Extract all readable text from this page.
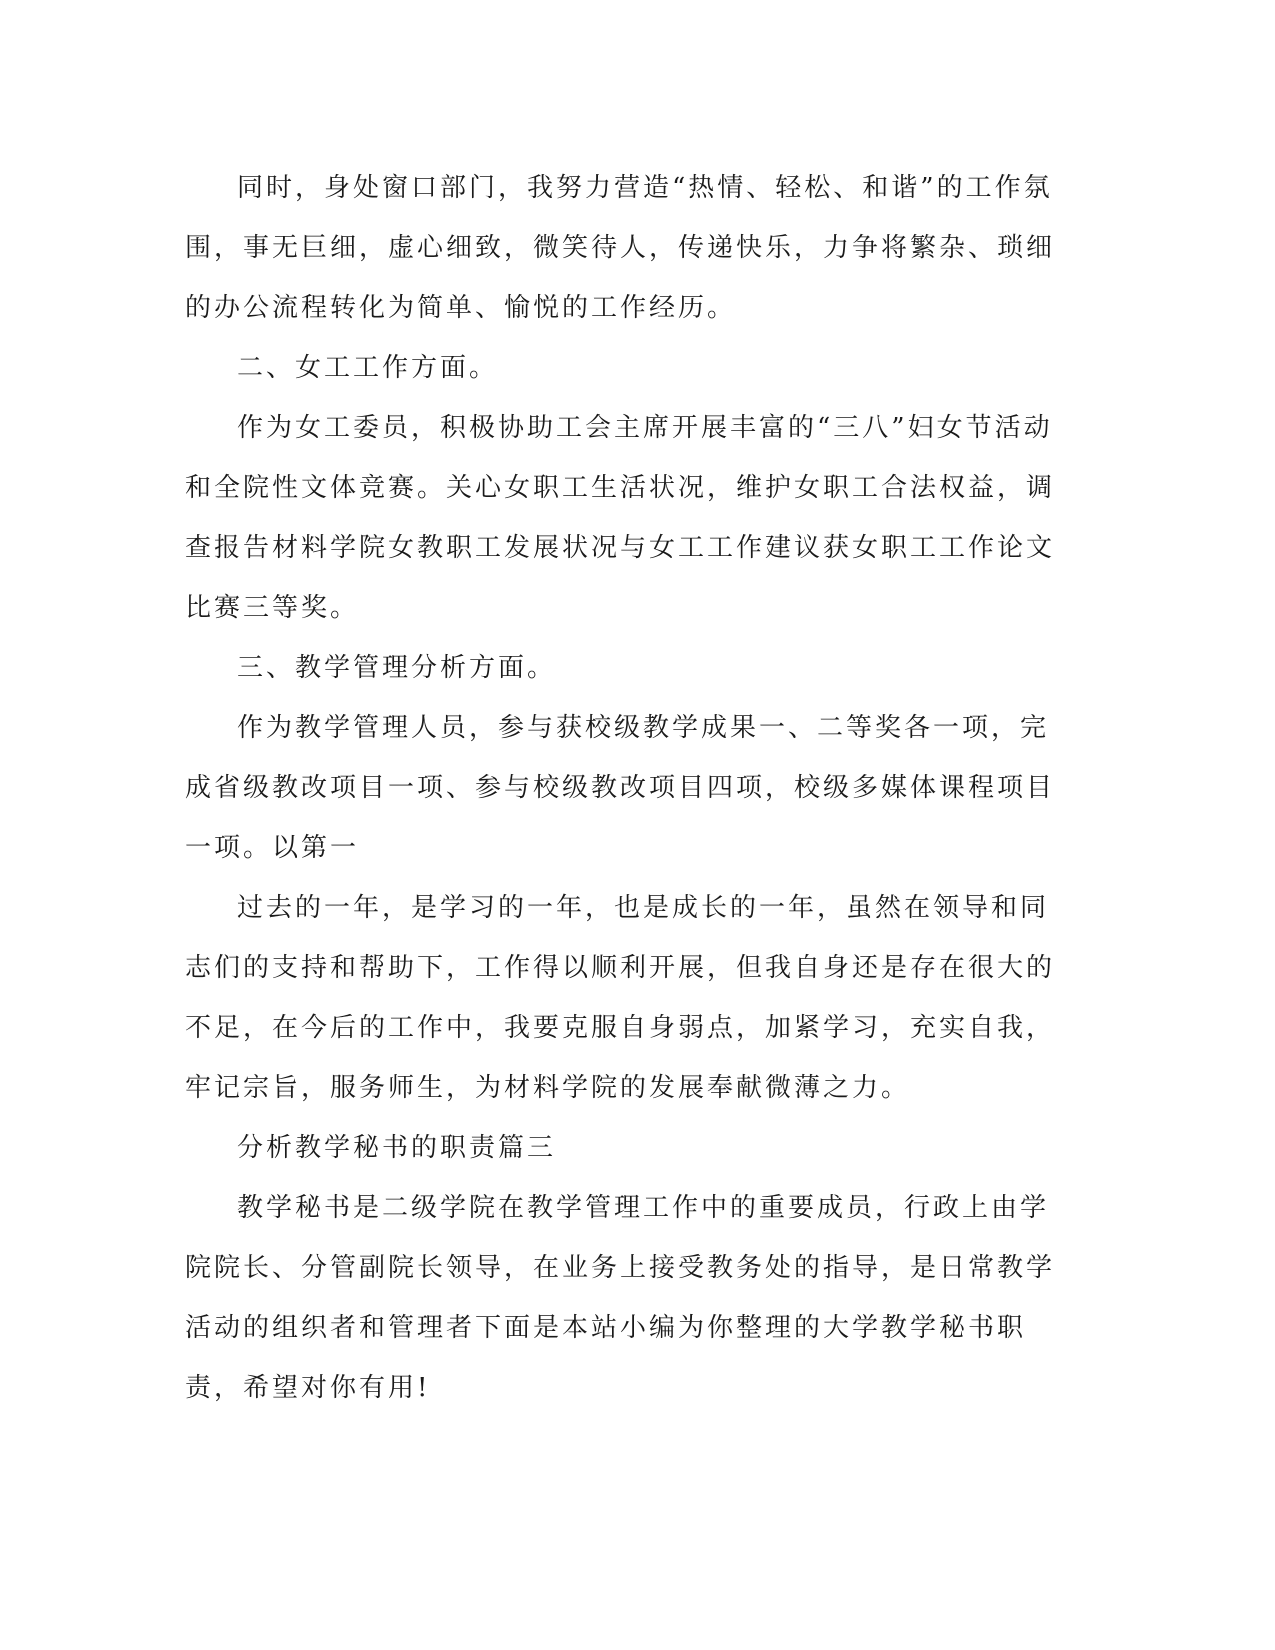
同时，身处窗口部门，我努力营造“热情、轻松、和谐”的工作氛围，事无巨细，虚心细致，微笑待人，传递快乐，力争将繁杂、琐细的办公流程转化为简单、愉悦的工作经历。

二、女工工作方面。

作为女工委员，积极协助工会主席开展丰富的“三八”妇女节活动和全院性文体竞赛。关心女职工生活状况，维护女职工合法权益，调查报告材料学院女教职工发展状况与女工工作建议获女职工工作论文比赛三等奖。

三、教学管理分析方面。

作为教学管理人员，参与获校级教学成果一、二等奖各一项，完成省级教改项目一项、参与校级教改项目四项，校级多媒体课程项目一项。以第一

过去的一年，是学习的一年，也是成长的一年，虽然在领导和同志们的支持和帮助下，工作得以顺利开展，但我自身还是存在很大的不足，在今后的工作中，我要克服自身弱点，加紧学习，充实自我，牢记宗旨，服务师生，为材料学院的发展奉献微薄之力。

分析教学秘书的职责篇三

教学秘书是二级学院在教学管理工作中的重要成员，行政上由学院院长、分管副院长领导，在业务上接受教务处的指导，是日常教学活动的组织者和管理者下面是本站小编为你整理的大学教学秘书职责，希望对你有用!
